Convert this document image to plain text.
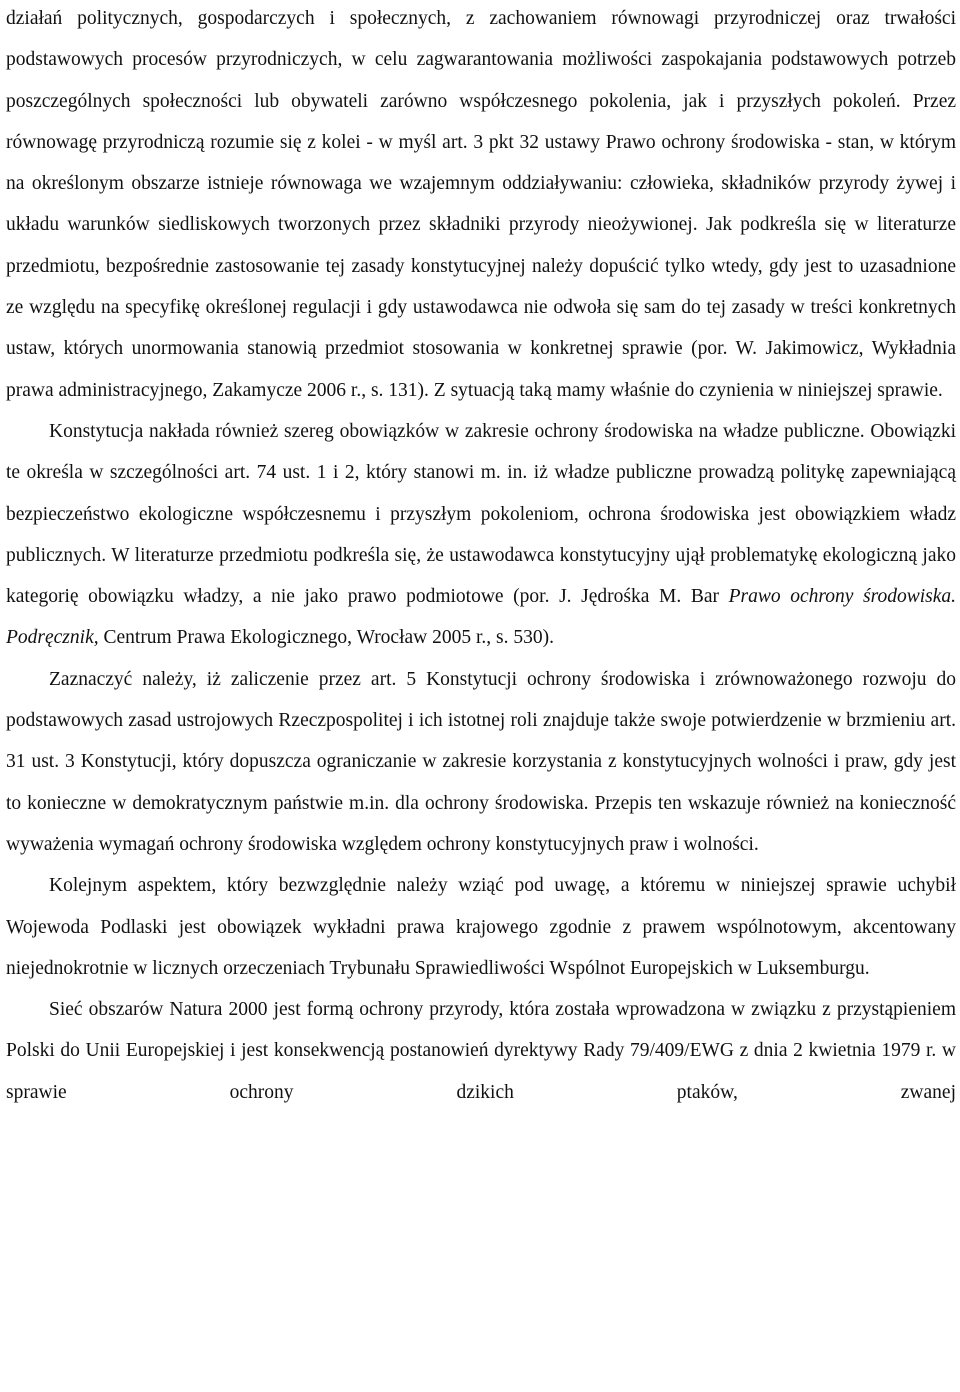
działań politycznych, gospodarczych i społecznych, z zachowaniem równowagi przyrodniczej oraz trwałości podstawowych procesów przyrodniczych, w celu zagwarantowania możliwości zaspokajania podstawowych potrzeb poszczególnych społeczności lub obywateli zarówno współczesnego pokolenia, jak i przyszłych pokoleń. Przez równowagę przyrodniczą rozumie się z kolei - w myśl art. 3 pkt 32 ustawy Prawo ochrony środowiska - stan, w którym na określonym obszarze istnieje równowaga we wzajemnym oddziaływaniu: człowieka, składników przyrody żywej i układu warunków siedliskowych tworzonych przez składniki przyrody nieożywionej. Jak podkreśla się w literaturze przedmiotu, bezpośrednie zastosowanie tej zasady konstytucyjnej należy dopuścić tylko wtedy, gdy jest to uzasadnione ze względu na specyfikę określonej regulacji i gdy ustawodawca nie odwoła się sam do tej zasady w treści konkretnych ustaw, których unormowania stanowią przedmiot stosowania w konkretnej sprawie (por. W. Jakimowicz, Wykładnia prawa administracyjnego, Zakamycze 2006 r., s. 131). Z sytuacją taką mamy właśnie do czynienia w niniejszej sprawie.

Konstytucja nakłada również szereg obowiązków w zakresie ochrony środowiska na władze publiczne. Obowiązki te określa w szczególności art. 74 ust. 1 i 2, który stanowi m. in. iż władze publiczne prowadzą politykę zapewniającą bezpieczeństwo ekologiczne współczesnemu i przyszłym pokoleniom, ochrona środowiska jest obowiązkiem władz publicznych. W literaturze przedmiotu podkreśla się, że ustawodawca konstytucyjny ujął problematykę ekologiczną jako kategorię obowiązku władzy, a nie jako prawo podmiotowe (por. J. Jędrośka M. Bar Prawo ochrony środowiska. Podręcznik, Centrum Prawa Ekologicznego, Wrocław 2005 r., s. 530).

Zaznaczyć należy, iż zaliczenie przez art. 5 Konstytucji ochrony środowiska i zrównoważonego rozwoju do podstawowych zasad ustrojowych Rzeczpospolitej i ich istotnej roli znajduje także swoje potwierdzenie w brzmieniu art. 31 ust. 3 Konstytucji, który dopuszcza ograniczanie w zakresie korzystania z konstytucyjnych wolności i praw, gdy jest to konieczne w demokratycznym państwie m.in. dla ochrony środowiska. Przepis ten wskazuje również na konieczność wyważenia wymagań ochrony środowiska względem ochrony konstytucyjnych praw i wolności.

Kolejnym aspektem, który bezwzględnie należy wziąć pod uwagę, a któremu w niniejszej sprawie uchybił Wojewoda Podlaski jest obowiązek wykładni prawa krajowego zgodnie z prawem wspólnotowym, akcentowany niejednokrotnie w licznych orzeczeniach Trybunału Sprawiedliwości Wspólnot Europejskich w Luksemburgu.

Sieć obszarów Natura 2000 jest formą ochrony przyrody, która została wprowadzona w związku z przystąpieniem Polski do Unii Europejskiej i jest konsekwencją postanowień dyrektywy Rady 79/409/EWG z dnia 2 kwietnia 1979 r. w sprawie ochrony dzikich ptaków, zwanej
